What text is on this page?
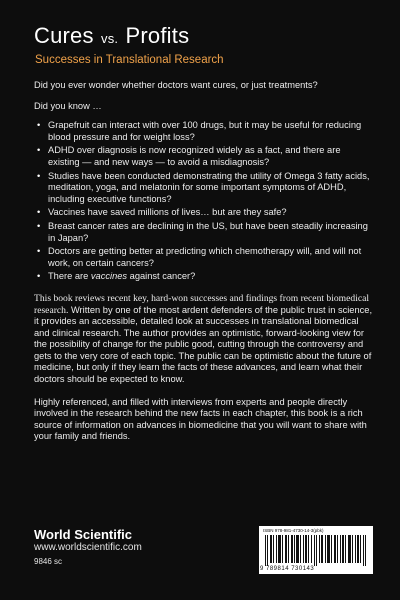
Cures vs. Profits
Successes in Translational Research

Did you ever wonder whether doctors want cures, or just treatments?

Did you know …

• Grapefruit can interact with over 100 drugs, but it may be useful for reducing blood pressure and for weight loss?
• ADHD over diagnosis is now recognized widely as a fact, and there are existing — and new ways — to avoid a misdiagnosis?
• Studies have been conducted demonstrating the utility of Omega 3 fatty acids, meditation, yoga, and melatonin for some important symptoms of ADHD, including executive functions?
• Vaccines have saved millions of lives… but are they safe?
• Breast cancer rates are declining in the US, but have been steadily increasing in Japan?
• Doctors are getting better at predicting which chemotherapy will, and will not work, on certain cancers?
• There are vaccines against cancer?

This book reviews recent key, hard-won successes and findings from recent biomedical research. Written by one of the most ardent defenders of the public trust in science, it provides an accessible, detailed look at successes in translational biomedical and clinical research. The author provides an optimistic, forward-looking view for the possibility of change for the public good, cutting through the controversy and gets to the very core of each topic. The public can be optimistic about the future of medicine, but only if they learn the facts of these advances, and learn what their doctors should be expected to know.

Highly referenced, and filled with interviews from experts and people directly involved in the research behind the new facts in each chapter, this book is a rich source of information on advances in biomedicine that you will want to share with your family and friends.

World Scientific
www.worldscientific.com
9846 sc
ISBN 978-981-4730-14-3(pbk)
9 789814 730143
